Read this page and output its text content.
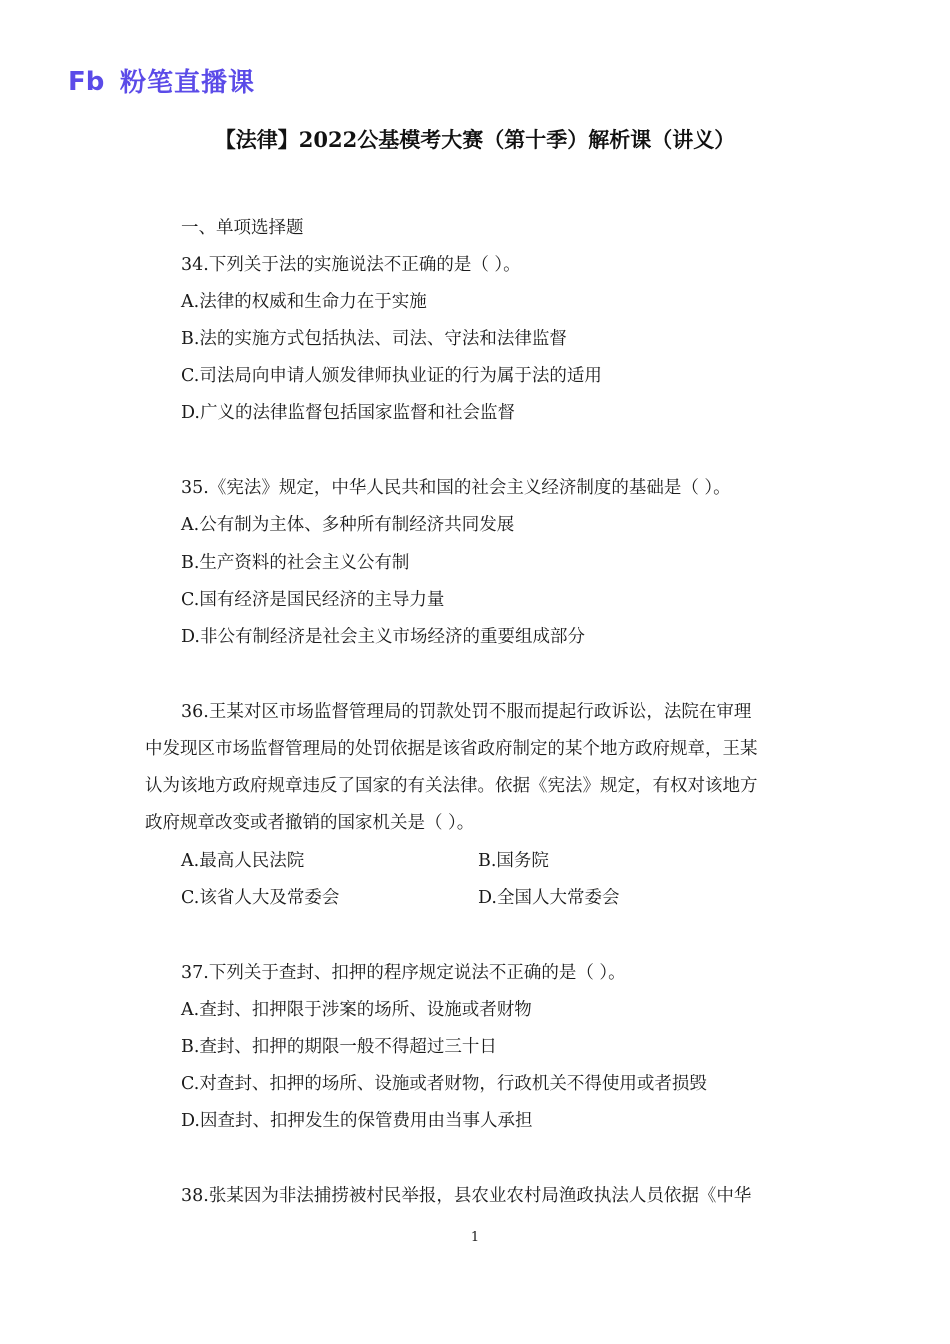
Fb 粉笔直播课
【法律】2022公基模考大赛（第十季）解析课（讲义）
一、单项选择题
34.下列关于法的实施说法不正确的是（ ）。
A.法律的权威和生命力在于实施
B.法的实施方式包括执法、司法、守法和法律监督
C.司法局向申请人颁发律师执业证的行为属于法的适用
D.广义的法律监督包括国家监督和社会监督
35.《宪法》规定，中华人民共和国的社会主义经济制度的基础是（ ）。
A.公有制为主体、多种所有制经济共同发展
B.生产资料的社会主义公有制
C.国有经济是国民经济的主导力量
D.非公有制经济是社会主义市场经济的重要组成部分
36.王某对区市场监督管理局的罚款处罚不服而提起行政诉讼，法院在审理
中发现区市场监督管理局的处罚依据是该省政府制定的某个地方政府规章，王某
认为该地方政府规章违反了国家的有关法律。依据《宪法》规定，有权对该地方
政府规章改变或者撤销的国家机关是（ ）。
A.最高人民法院	B.国务院
C.该省人大及常委会	D.全国人大常委会
37.下列关于查封、扣押的程序规定说法不正确的是（ ）。
A.查封、扣押限于涉案的场所、设施或者财物
B.查封、扣押的期限一般不得超过三十日
C.对查封、扣押的场所、设施或者财物，行政机关不得使用或者损毁
D.因查封、扣押发生的保管费用由当事人承担
38.张某因为非法捕捞被村民举报，县农业农村局渔政执法人员依据《中华
1
